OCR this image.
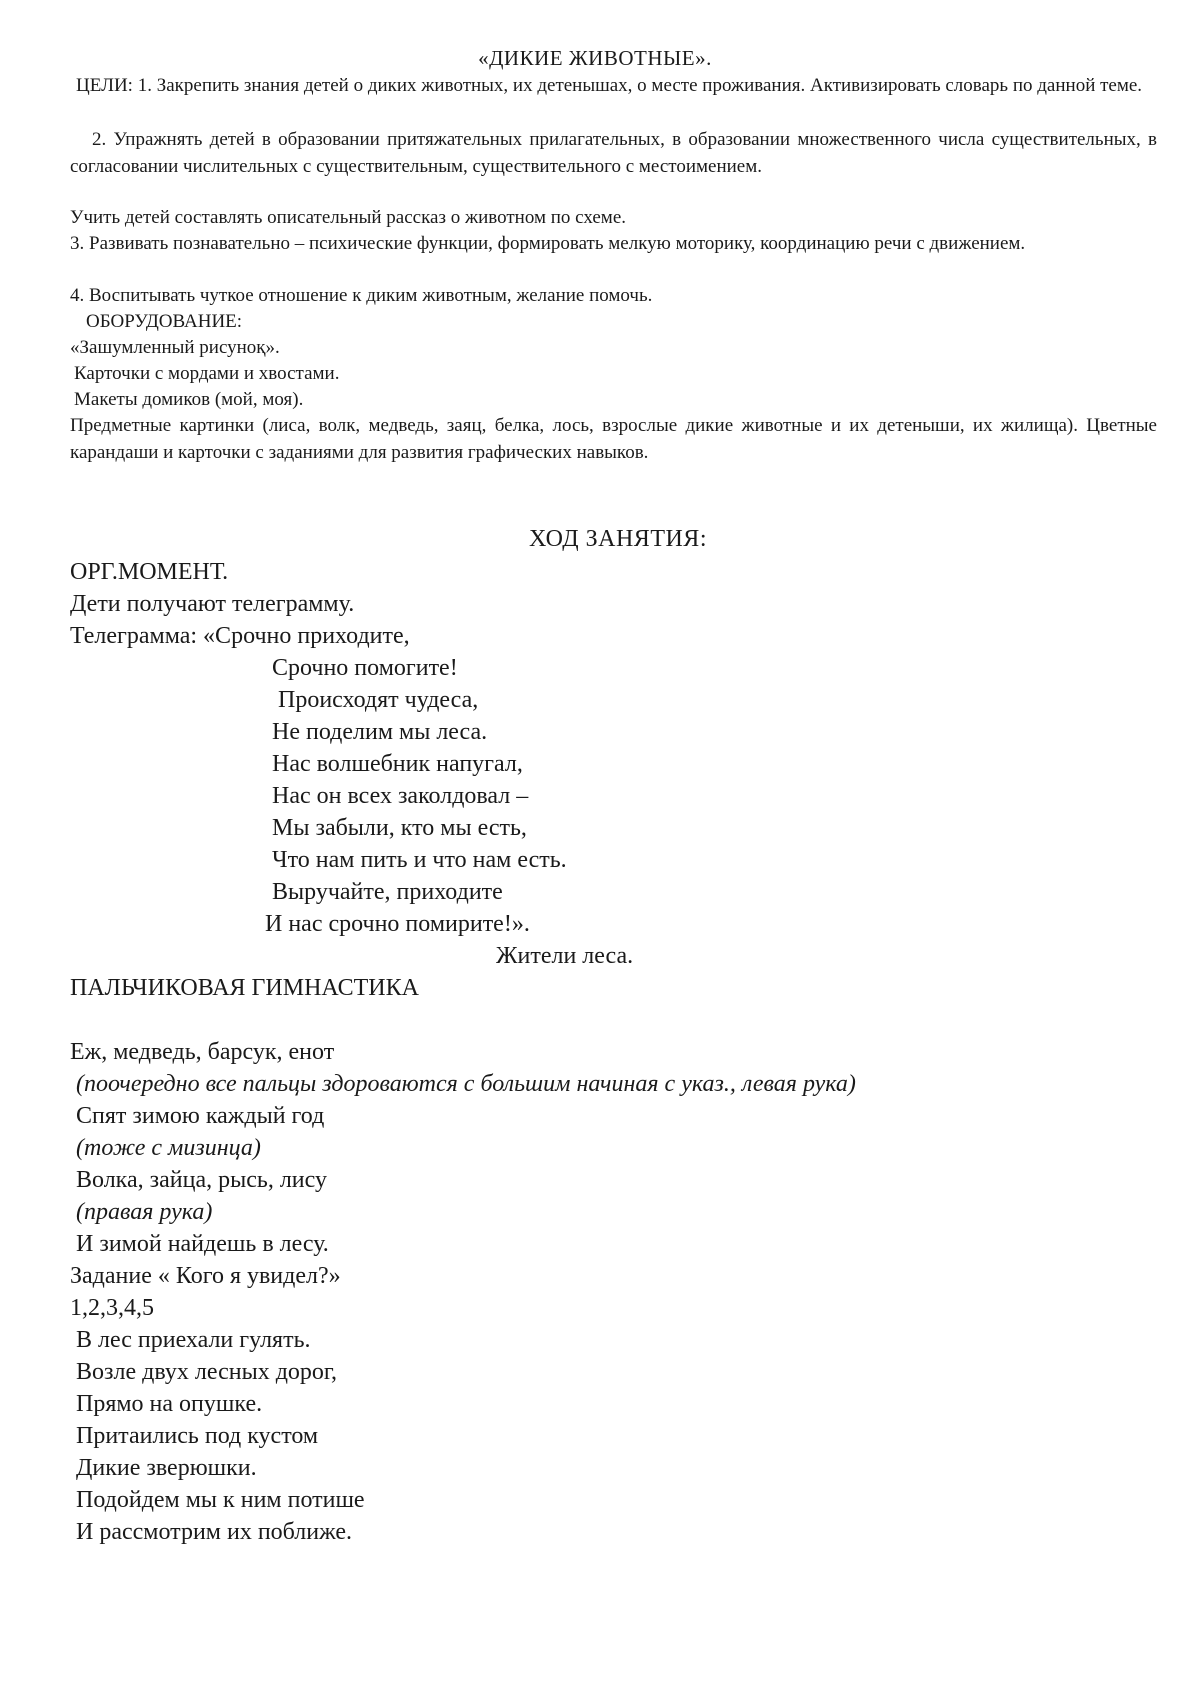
«ДИКИЕ ЖИВОТНЫЕ».
ЦЕЛИ: 1. Закрепить знания детей о диких животных, их детенышах, о месте проживания. Активизировать словарь по данной теме.
2. Упражнять детей в образовании притяжательных прилагательных, в образовании множественного числа существительных, в согласовании числительных с существительным, существительного с местоимением.
Учить детей составлять описательный рассказ о животном по схеме.
3. Развивать познавательно – психические функции, формировать мелкую моторику, координацию речи с движением.
4. Воспитывать чуткое отношение к диким животным, желание помочь.
ОБОРУДОВАНИЕ:
«Зашумленный рисуноқ».
Карточки с мордами и хвостами.
Макеты домиков (мой, моя).
Предметные картинки (лиса, волк, медведь, заяц, белка, лось, взрослые дикие животные и их детеныши, их жилища). Цветные карандаши и карточки с заданиями для развития графических навыков.
ХОД ЗАНЯТИЯ:
ОРГ.МОМЕНТ.
Дети получают телеграмму.
Телеграмма: «Срочно приходите,
Срочно помогите!
Происходят чудеса,
Не поделим мы леса.
Нас волшебник напугал,
Нас он всех заколдовал –
Мы забыли, кто мы есть,
Что нам пить и что нам есть.
Выручайте, приходите
И нас срочно помирите!».
Жители леса.
ПАЛЬЧИКОВАЯ ГИМНАСТИКА
Еж, медведь, барсук, енот
(поочередно все пальцы здороваются с большим начиная с указ., левая рука)
Спят зимою каждый год
(тоже с мизинца)
Волка, зайца, рысь, лису
(правая рука)
И зимой найдешь в лесу.
Задание « Кого я увидел?»
1,2,3,4,5
В лес приехали гулять.
Возле двух лесных дорог,
Прямо на опушке.
Притаились под кустом
Дикие зверюшки.
Подойдем мы к ним потише
И рассмотрим их поближе.
